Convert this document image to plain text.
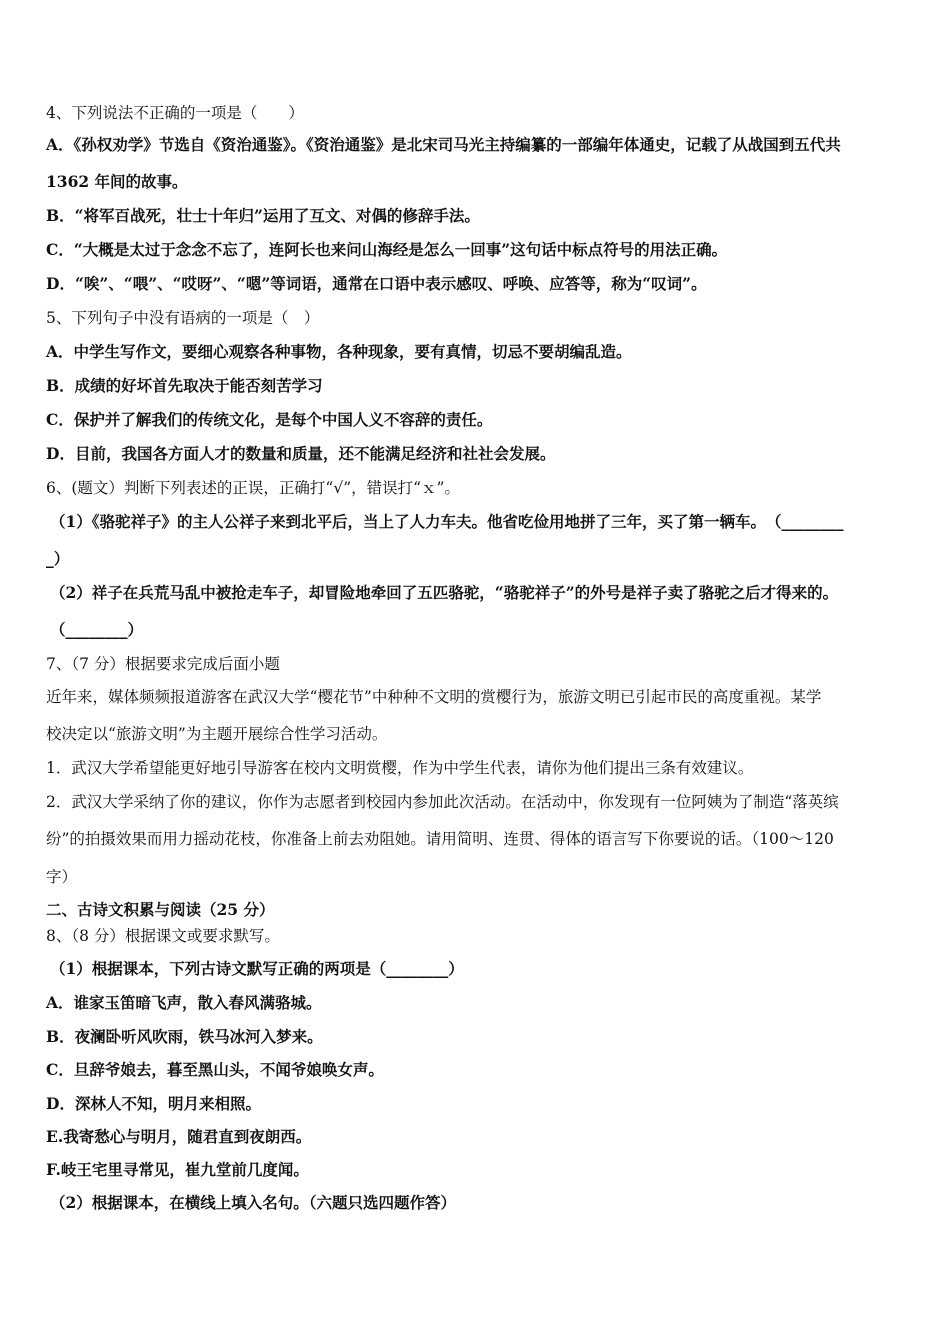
4、下列说法不正确的一项是（　　）
A．《孙权劝学》节选自《资治通鉴》。《资治通鉴》是北宋司马光主持编纂的一部编年体通史，记载了从战国到五代共
1362 年间的故事。
B．“将军百战死，壮士十年归”运用了互文、对偶的修辞手法。
C．“大概是太过于念念不忘了，连阿长也来问山海经是怎么一回事”这句话中标点符号的用法正确。
D．“唉”、“喂”、“哎呀”、“嗯”等词语，通常在口语中表示感叹、呼唤、应答等，称为“叹词”。
5、下列句子中没有语病的一项是（　）
A．中学生写作文，要细心观察各种事物，各种现象，要有真情，切忌不要胡编乱造。
B．成绩的好坏首先取决于能否刻苦学习
C．保护并了解我们的传统文化，是每个中国人义不容辞的责任。
D．目前，我国各方面人才的数量和质量，还不能满足经济和社社会发展。
6、(题文）判断下列表述的正误，正确打“√”，错误打“ｘ”。
（1）《骆驼祥子》的主人公祥子来到北平后，当上了人力车夫。他省吃俭用地拼了三年，买了第一辆车。　（________
_）
（2）祥子在兵荒马乱中被抢走车子，却冒险地牵回了五匹骆驼，“骆驼祥子”的外号是祥子卖了骆驼之后才得来的。
（________）
7、（7 分）根据要求完成后面小题
近年来，媒体频频报道游客在武汉大学“樱花节”中种种不文明的赏樱行为，旅游文明已引起市民的高度重视。某学
校决定以“旅游文明”为主题开展综合性学习活动。
1．武汉大学希望能更好地引导游客在校内文明赏樱，作为中学生代表，请你为他们提出三条有效建议。
2．武汉大学采纳了你的建议，你作为志愿者到校园内参加此次活动。在活动中，你发现有一位阿姨为了制造“落英缤
纷”的拍摄效果而用力摇动花枝，你准备上前去劝阻她。请用简明、连贯、得体的语言写下你要说的话。（100～120
字）
二、古诗文积累与阅读（25 分）
8、（8 分）根据课文或要求默写。
（1）根据课本，下列古诗文默写正确的两项是（________）
A．谁家玉笛暗飞声，散入春风满骆城。
B．夜澜卧听风吹雨，铁马冰河入梦来。
C．旦辞爷娘去，暮至黑山头，不闻爷娘唤女声。
D．深林人不知，明月来相照。
E.我寄愁心与明月，随君直到夜朗西。
F.岐王宅里寻常见，崔九堂前几度闻。
（2）根据课本，在横线上填入名句。（六题只选四题作答）
